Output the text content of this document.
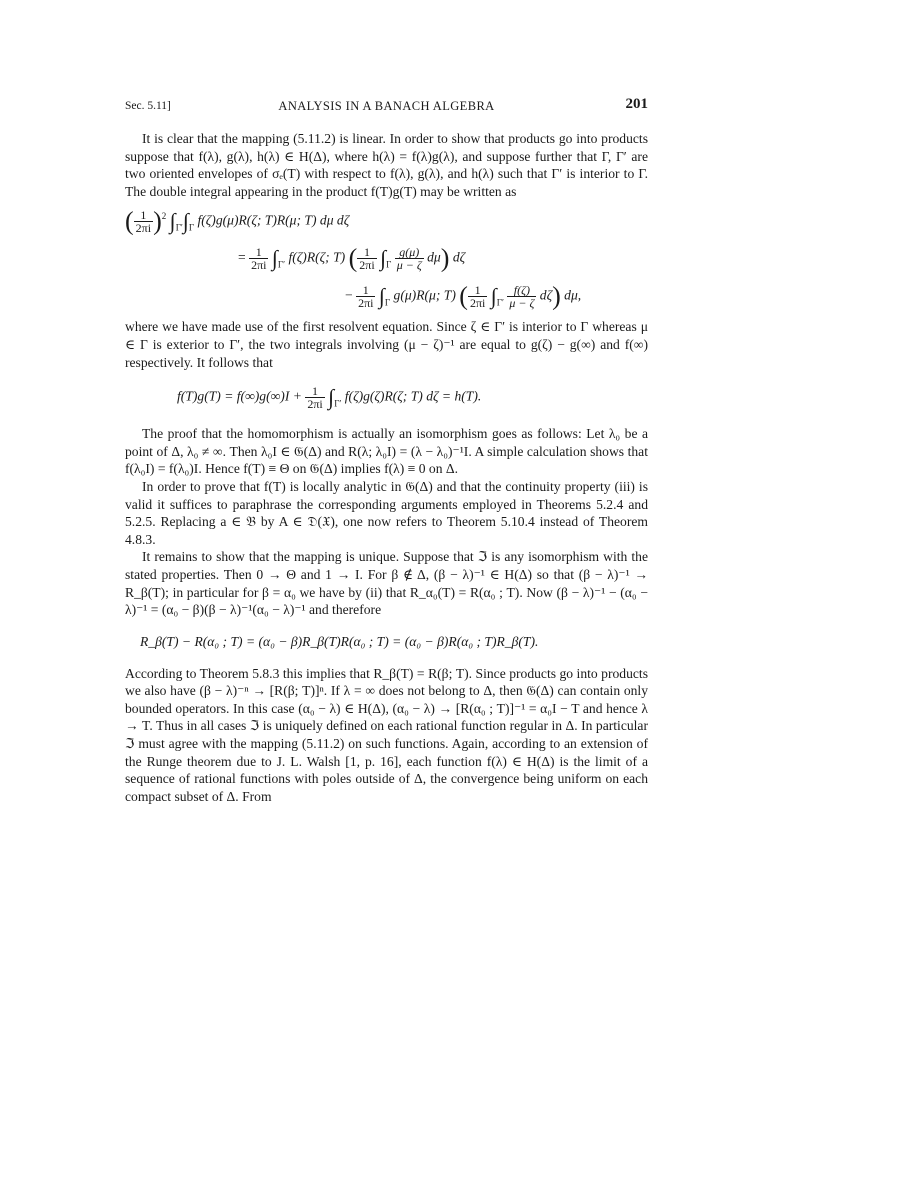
Sec. 5.11]	ANALYSIS IN A BANACH ALGEBRA	201

It is clear that the mapping (5.11.2) is linear. In order to show that products go into products suppose that f(λ), g(λ), h(λ) ∈ H(Δ), where h(λ) = f(λ)g(λ), and suppose further that Γ, Γ′ are two oriented envelopes of σₑ(T) with respect to f(λ), g(λ), and h(λ) such that Γ′ is interior to Γ. The double integral appearing in the product f(T)g(T) may be written as

( $\frac{1}{2\pi i} )^2$ $\int_{\Gamma'}\int_\Gamma$ f(ζ)g(μ)R(ζ; T)R(μ; T) dμ dζ
= $\frac{1}{2\pi i} \int_{\Gamma'}$ f(ζ)R(ζ; T) ( $\frac{1}{2\pi i} \int_\Gamma \frac{g(\mu)}{\mu - \zeta} d\mu$) dζ
− $\frac{1}{2\pi i} \int_\Gamma$ g(μ)R(μ; T) ( $\frac{1}{2\pi i} \int_{\Gamma'} \frac{f(\zeta)}{\mu - \zeta} d\zeta$) dμ,

where we have made use of the first resolvent equation. Since ζ ∈ Γ′ is interior to Γ whereas μ ∈ Γ is exterior to Γ′, the two integrals involving (μ − ζ)⁻¹ are equal to g(ζ) − g(∞) and f(∞) respectively. It follows that

$f(T)g(T) = f(\infty)g(\infty)I + \frac{1}{2\pi i} \int_{\Gamma'}$ f(ζ)g(ζ)R(ζ; T) dζ = h(T).

The proof that the homomorphism is actually an isomorphism goes as follows: Let λ₀ be a point of Δ, λ₀ ≠ ∞. Then λ₀I ∈ 𝔊(Δ) and R(λ; λ₀I) = (λ − λ₀)⁻¹I. A simple calculation shows that f(λ₀I) = f(λ₀)I. Hence f(T) ≡ Θ on 𝔊(Δ) implies f(λ) ≡ 0 on Δ.

In order to prove that f(T) is locally analytic in 𝔊(Δ) and that the continuity property (iii) is valid it suffices to paraphrase the corresponding arguments employed in Theorems 5.2.4 and 5.2.5. Replacing a ∈ 𝔅 by A ∈ 𝔇(𝔛), one now refers to Theorem 5.10.4 instead of Theorem 4.8.3.

It remains to show that the mapping is unique. Suppose that ℑ is any isomorphism with the stated properties. Then 0 → Θ and 1 → I. For β ∉ Δ, (β − λ)⁻¹ ∈ H(Δ) so that (β − λ)⁻¹ → R_β(T); in particular for β = α₀ we have by (ii) that R_α₀(T) = R(α₀ ; T). Now (β − λ)⁻¹ − (α₀ − λ)⁻¹ = (α₀ − β)(β − λ)⁻¹(α₀ − λ)⁻¹ and therefore

R_β(T) − R(α₀ ; T) = (α₀ − β)R_β(T)R(α₀ ; T) = (α₀ − β)R(α₀ ; T)R_β(T).

According to Theorem 5.8.3 this implies that R_β(T) = R(β; T). Since products go into products we also have (β − λ)⁻ⁿ → [R(β; T)]ⁿ. If λ = ∞ does not belong to Δ, then 𝔊(Δ) can contain only bounded operators. In this case (α₀ − λ) ∈ H(Δ), (α₀ − λ) → [R(α₀ ; T)]⁻¹ = α₀I − T and hence λ → T. Thus in all cases ℑ is uniquely defined on each rational function regular in Δ. In particular ℑ must agree with the mapping (5.11.2) on such functions. Again, according to an extension of the Runge theorem due to J. L. Walsh [1, p. 16], each function f(λ) ∈ H(Δ) is the limit of a sequence of rational functions with poles outside of Δ, the convergence being uniform on each compact subset of Δ. From
